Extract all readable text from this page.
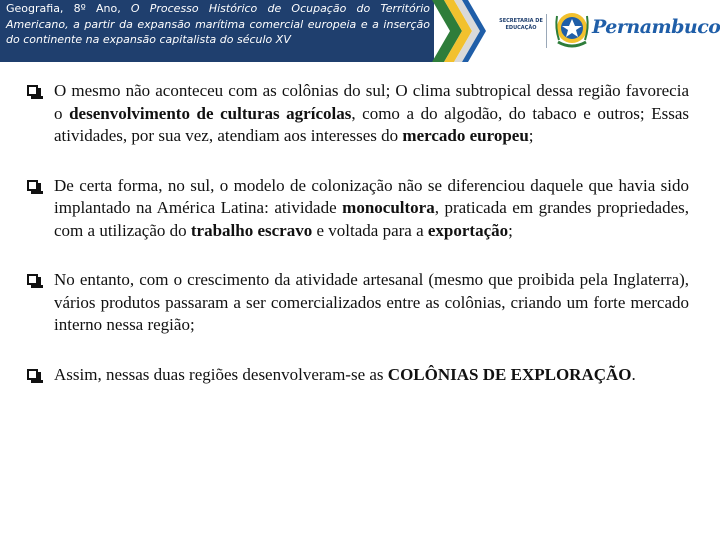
Geografia, 8º Ano, O Processo Histórico de Ocupação do Território Americano, a partir da expansão marítima comercial europeia e a inserção do continente na expansão capitalista do século XV
SECRETARIA DE EDUCAÇÃO	Pernambuco
O mesmo não aconteceu com as colônias do sul; O clima subtropical dessa região favorecia o desenvolvimento de culturas agrícolas, como a do algodão, do tabaco e outros; Essas atividades, por sua vez, atendiam aos interesses do mercado europeu;
De certa forma, no sul, o modelo de colonização não se diferenciou daquele que havia sido implantado na América Latina: atividade monocultora, praticada em grandes propriedades, com a utilização do trabalho escravo e voltada para a exportação;
No entanto, com o crescimento da atividade artesanal (mesmo que proibida pela Inglaterra), vários produtos passaram a ser comercializados entre as colônias, criando um forte mercado interno nessa região;
Assim, nessas duas regiões desenvolveram-se as COLÔNIAS DE EXPLORAÇÃO.
